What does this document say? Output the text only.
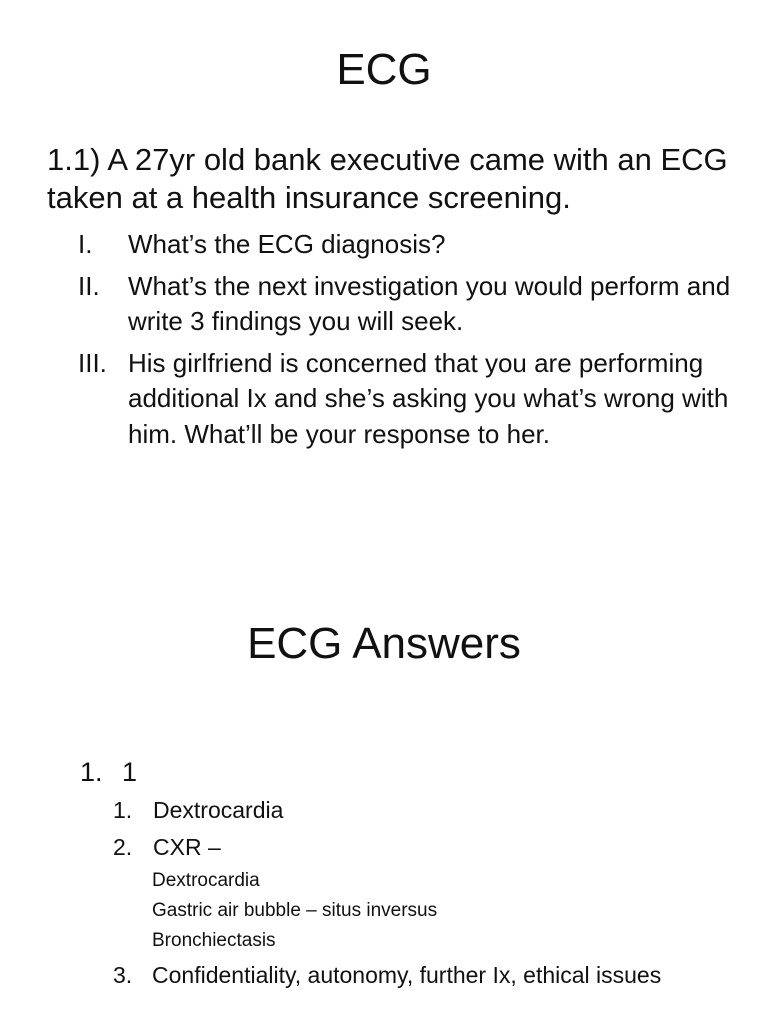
ECG
1.1) A 27yr old bank executive came with an ECG taken at a health insurance screening.
I.	What’s the ECG diagnosis?
II.	What’s the next investigation you would perform and write 3 findings you will seek.
III. His girlfriend is concerned that you are performing additional Ix and she’s asking you what’s wrong with him. What’ll be your response to her.
ECG Answers
1. 1
1. Dextrocardia
2. CXR –
Dextrocardia
Gastric air bubble – situs inversus
Bronchiectasis
3. Confidentiality, autonomy, further Ix, ethical issues
